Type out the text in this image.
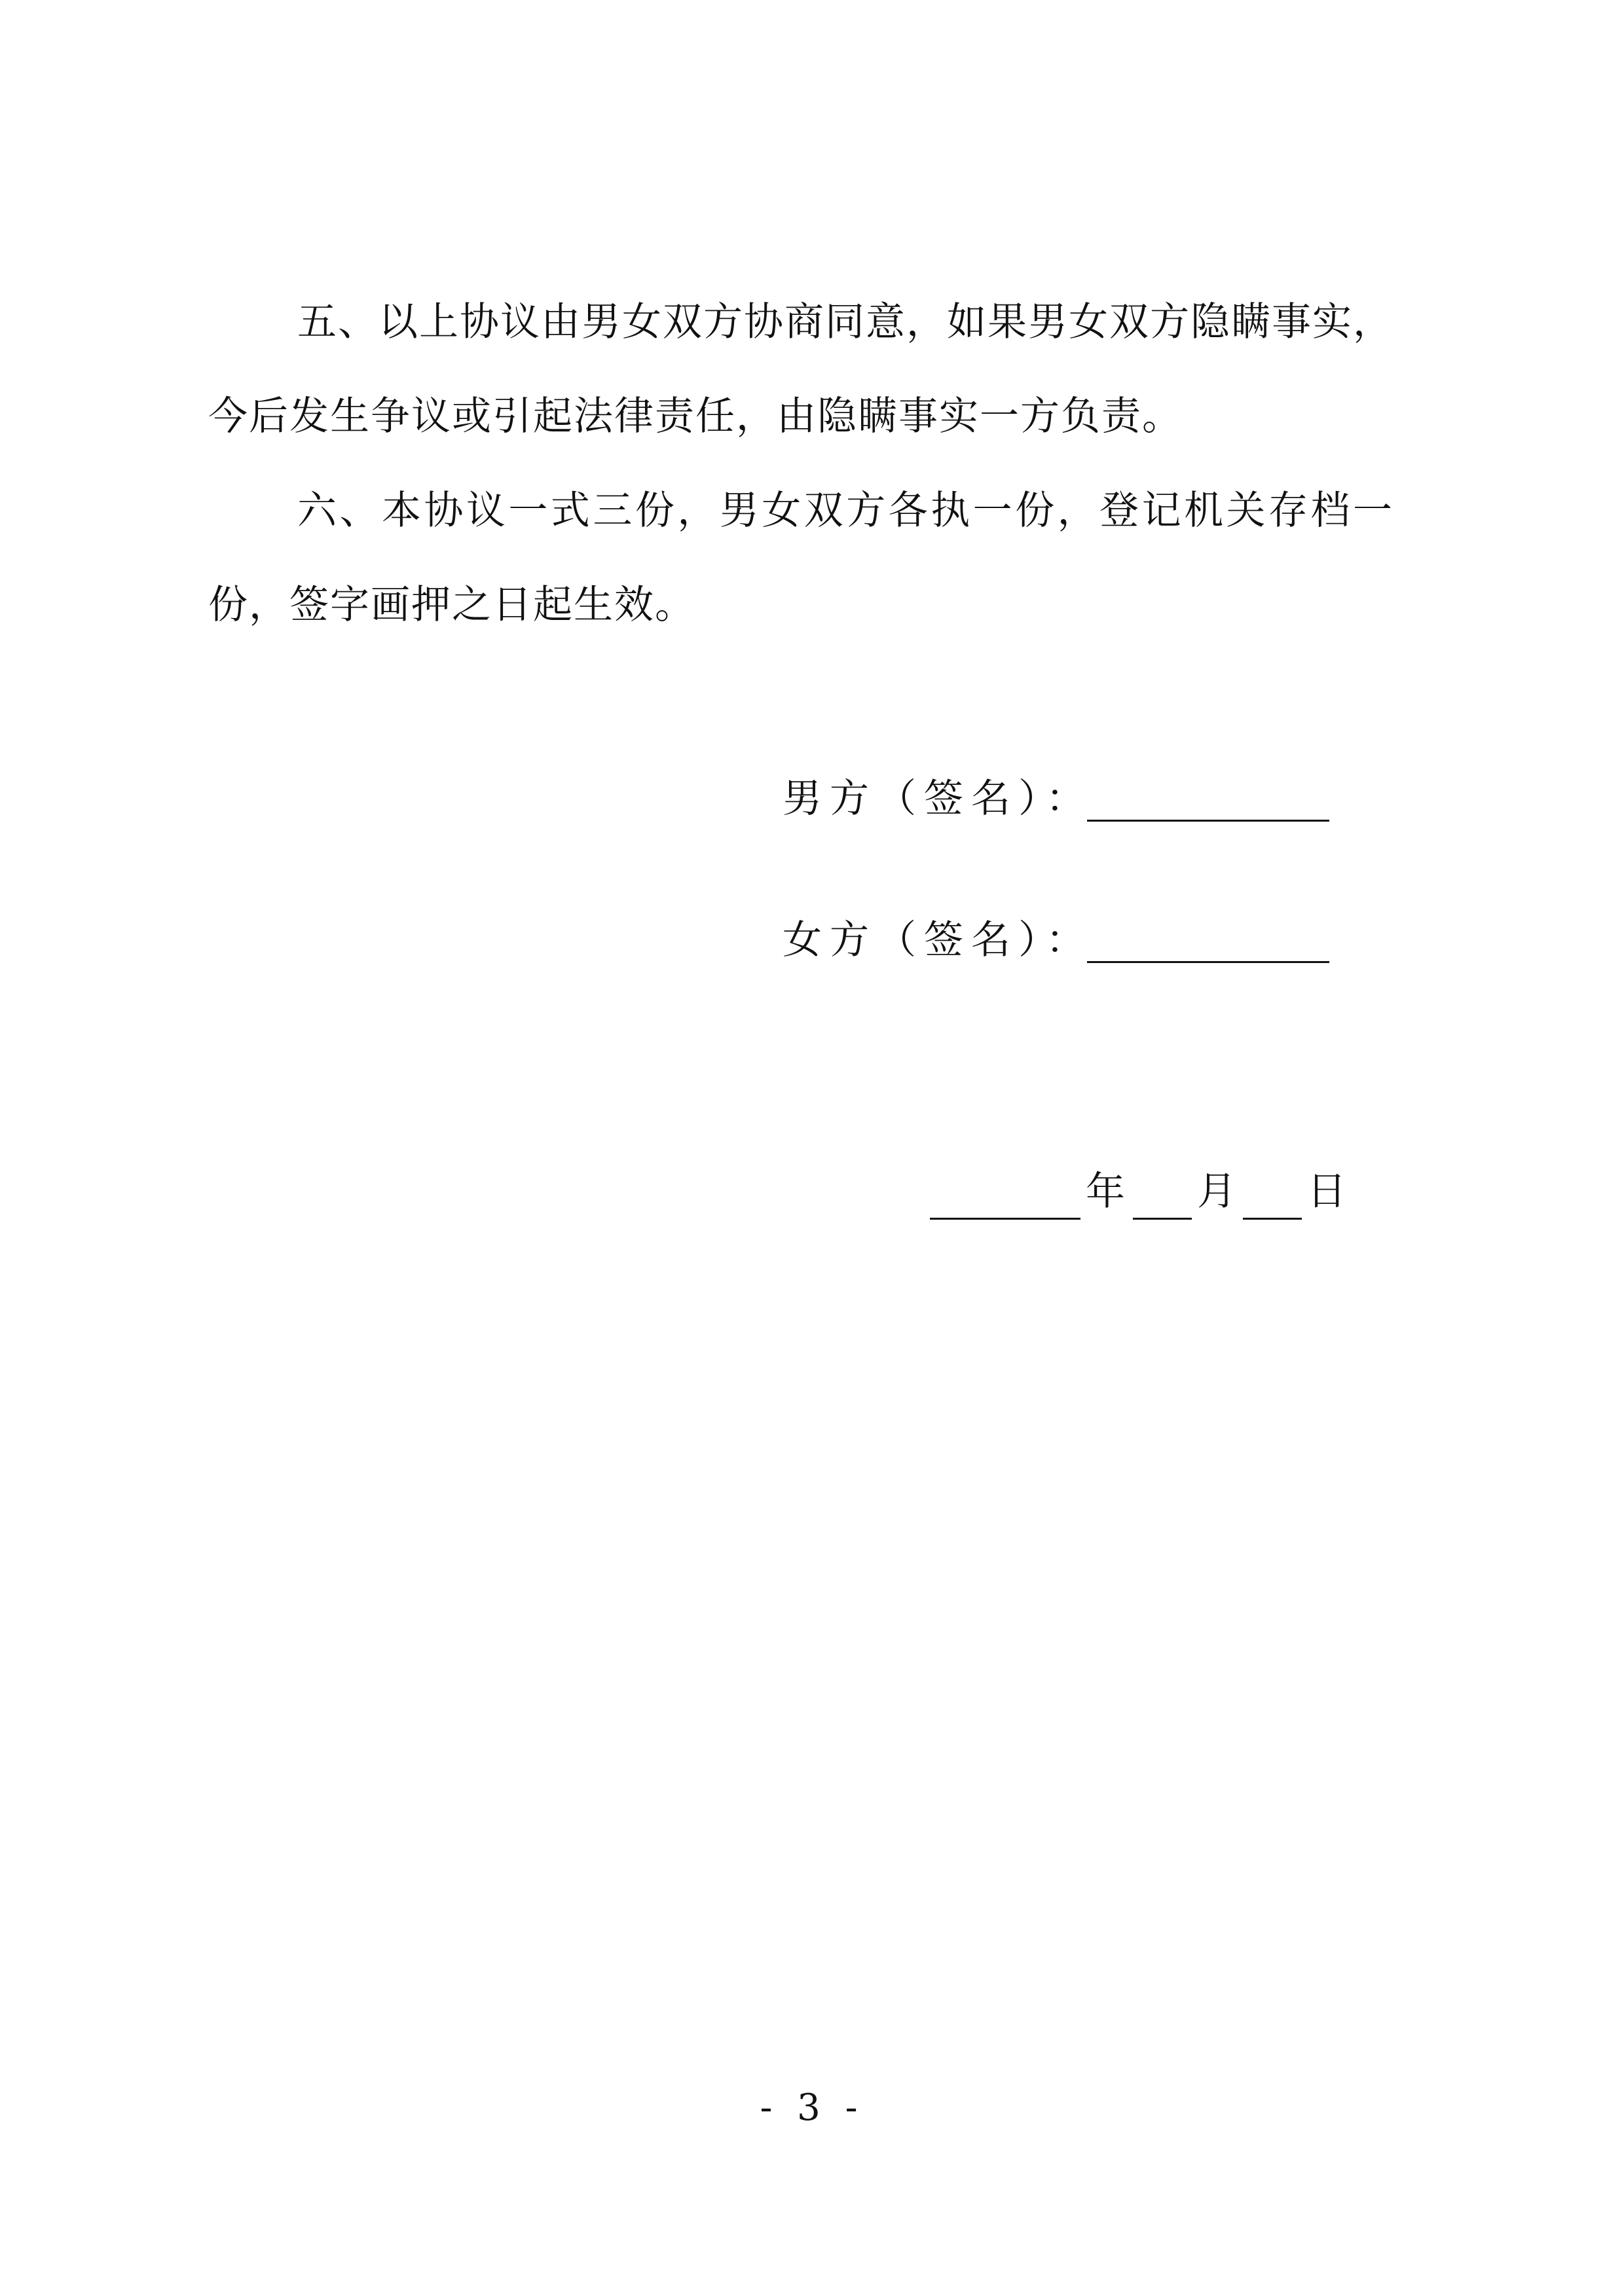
五、以上协议由男女双方协商同意，如果男女双方隐瞒事实，今后发生争议或引起法律责任，由隐瞒事实一方负责。

六、本协议一式三份，男女双方各执一份，登记机关存档一份，签字画押之日起生效。

男方（签名）：
女方（签名）：
年 月 日
- 3 -
